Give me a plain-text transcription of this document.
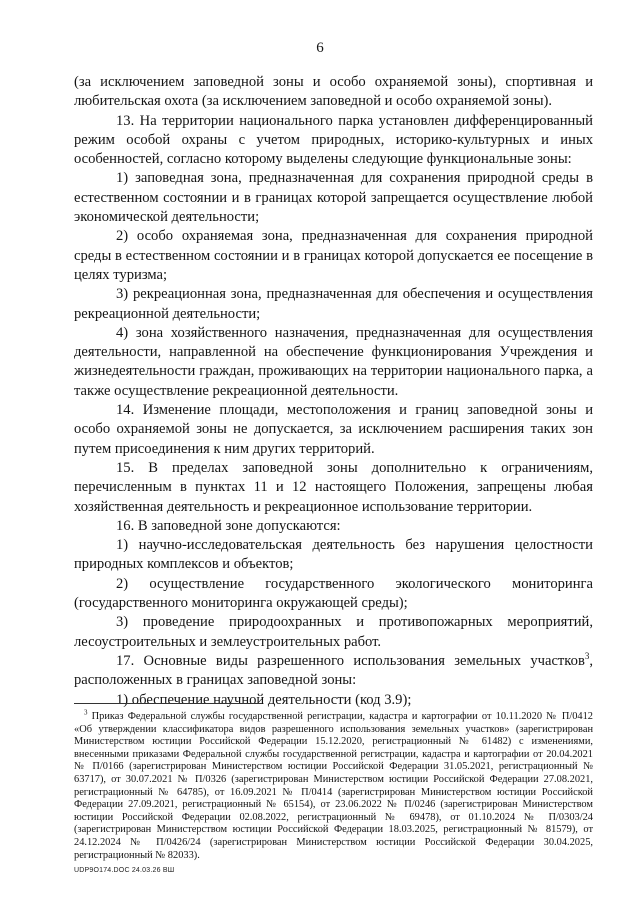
6

(за исключением заповедной зоны и особо охраняемой зоны), спортивная и любительская охота (за исключением заповедной и особо охраняемой зоны).

13. На территории национального парка установлен дифференцированный режим особой охраны с учетом природных, историко-культурных и иных особенностей, согласно которому выделены следующие функциональные зоны:

1) заповедная зона, предназначенная для сохранения природной среды в естественном состоянии и в границах которой запрещается осуществление любой экономической деятельности;

2) особо охраняемая зона, предназначенная для сохранения природной среды в естественном состоянии и в границах которой допускается ее посещение в целях туризма;

3) рекреационная зона, предназначенная для обеспечения и осуществления рекреационной деятельности;

4) зона хозяйственного назначения, предназначенная для осуществления деятельности, направленной на обеспечение функционирования Учреждения и жизнедеятельности граждан, проживающих на территории национального парка, а также осуществление рекреационной деятельности.

14. Изменение площади, местоположения и границ заповедной зоны и особо охраняемой зоны не допускается, за исключением расширения таких зон путем присоединения к ним других территорий.

15. В пределах заповедной зоны дополнительно к ограничениям, перечисленным в пунктах 11 и 12 настоящего Положения, запрещены любая хозяйственная деятельность и рекреационное использование территории.

16. В заповедной зоне допускаются:

1) научно-исследовательская деятельность без нарушения целостности природных комплексов и объектов;

2) осуществление государственного экологического мониторинга (государственного мониторинга окружающей среды);

3) проведение природоохранных и противопожарных мероприятий, лесоустроительных и землеустроительных работ.

17. Основные виды разрешенного использования земельных участков$^3$, расположенных в границах заповедной зоны:

1) обеспечение научной деятельности (код 3.9);

$^3$ Приказ Федеральной службы государственной регистрации, кадастра и картографии от 10.11.2020 № П/0412 «Об утверждении классификатора видов разрешенного использования земельных участков» (зарегистрирован Министерством юстиции Российской Федерации 15.12.2020, регистрационный № 61482) с изменениями, внесенными приказами Федеральной службы государственной регистрации, кадастра и картографии от 20.04.2021 № П/0166 (зарегистрирован Министерством юстиции Российской Федерации 31.05.2021, регистрационный № 63717), от 30.07.2021 № П/0326 (зарегистрирован Министерством юстиции Российской Федерации 27.08.2021, регистрационный № 64785), от 16.09.2021 № П/0414 (зарегистрирован Министерством юстиции Российской Федерации 27.09.2021, регистрационный № 65154), от 23.06.2022 № П/0246 (зарегистрирован Министерством юстиции Российской Федерации 02.08.2022, регистрационный № 69478), от 01.10.2024 № П/0303/24 (зарегистрирован Министерством юстиции Российской Федерации 18.03.2025, регистрационный № 81579), от 24.12.2024 № П/0426/24 (зарегистрирован Министерством юстиции Российской Федерации 30.04.2025, регистрационный № 82033).

UDP9O174.DOC 24.03.26 ВШ
